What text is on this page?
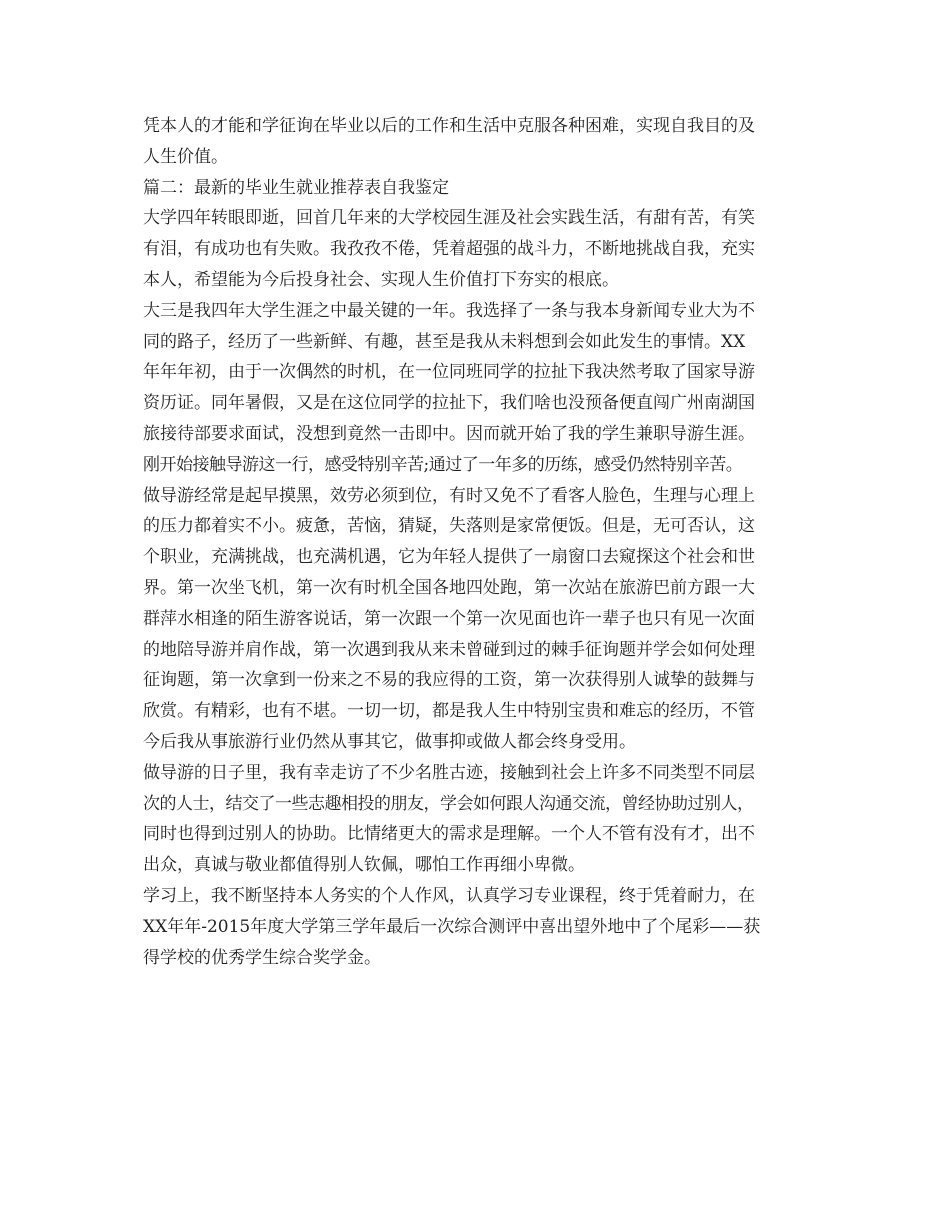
凭本人的才能和学征询在毕业以后的工作和生活中克服各种困难，实现自我目的及
人生价值。
篇二：最新的毕业生就业推荐表自我鉴定
大学四年转眼即逝，回首几年来的大学校园生涯及社会实践生活，有甜有苦，有笑
有泪，有成功也有失败。我孜孜不倦，凭着超强的战斗力，不断地挑战自我，充实
本人，希望能为今后投身社会、实现人生价值打下夯实的根底。
大三是我四年大学生涯之中最关键的一年。我选择了一条与我本身新闻专业大为不
同的路子，经历了一些新鲜、有趣，甚至是我从未料想到会如此发生的事情。XX
年年年初，由于一次偶然的时机，在一位同班同学的拉扯下我决然考取了国家导游
资历证。同年暑假，又是在这位同学的拉扯下，我们啥也没预备便直闯广州南湖国
旅接待部要求面试，没想到竟然一击即中。因而就开始了我的学生兼职导游生涯。
刚开始接触导游这一行，感受特别辛苦;通过了一年多的历练，感受仍然特别辛苦。
做导游经常是起早摸黑，效劳必须到位，有时又免不了看客人脸色，生理与心理上
的压力都着实不小。疲惫，苦恼，猜疑，失落则是家常便饭。但是，无可否认，这
个职业，充满挑战，也充满机遇，它为年轻人提供了一扇窗口去窥探这个社会和世
界。第一次坐飞机，第一次有时机全国各地四处跑，第一次站在旅游巴前方跟一大
群萍水相逢的陌生游客说话，第一次跟一个第一次见面也许一辈子也只有见一次面
的地陪导游并肩作战，第一次遇到我从来未曾碰到过的棘手征询题并学会如何处理
征询题，第一次拿到一份来之不易的我应得的工资，第一次获得别人诚挚的鼓舞与
欣赏。有精彩，也有不堪。一切一切，都是我人生中特别宝贵和难忘的经历，不管
今后我从事旅游行业仍然从事其它，做事抑或做人都会终身受用。
做导游的日子里，我有幸走访了不少名胜古迹，接触到社会上许多不同类型不同层
次的人士，结交了一些志趣相投的朋友，学会如何跟人沟通交流，曾经协助过别人，
同时也得到过别人的协助。比情绪更大的需求是理解。一个人不管有没有才，出不
出众，真诚与敬业都值得别人钦佩，哪怕工作再细小卑微。
学习上，我不断坚持本人务实的个人作风，认真学习专业课程，终于凭着耐力，在
XX年年-2015年度大学第三学年最后一次综合测评中喜出望外地中了个尾彩——获
得学校的优秀学生综合奖学金。
